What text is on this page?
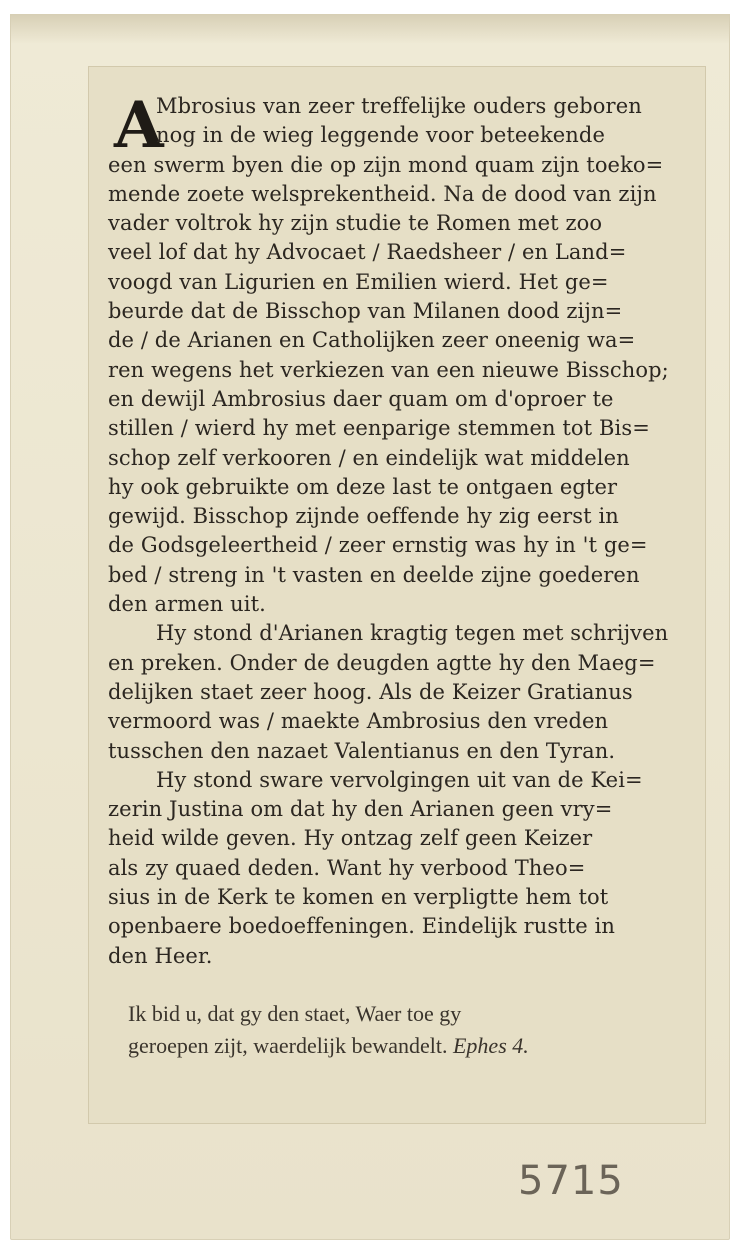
A
Mbrosius van zeer treffelijke ouders geboren
nog in de wieg leggende voor beteekende
een swerm byen die op zijn mond quam zijn toeko=
mende zoete welsprekentheid. Na de dood van zijn
vader voltrok hy zijn studie te Romen met zoo
veel lof dat hy Advocaet / Raedsheer / en Land=
voogd van Ligurien en Emilien wierd. Het ge=
beurde dat de Bisschop van Milanen dood zijn=
de / de Arianen en Catholijken zeer oneenig wa=
ren wegens het verkiezen van een nieuwe Bisschop;
en dewijl Ambrosius daer quam om d'oproer te
stillen / wierd hy met eenparige stemmen tot Bis=
schop zelf verkooren / en eindelijk wat middelen
hy ook gebruikte om deze last te ontgaen egter
gewijd. Bisschop zijnde oeffende hy zig eerst in
de Godsgeleertheid / zeer ernstig was hy in 't ge=
bed / streng in 't vasten en deelde zijne goederen
den armen uit.
Hy stond d'Arianen kragtig tegen met schrijven
en preken. Onder de deugden agtte hy den Maeg=
delijken staet zeer hoog. Als de Keizer Gratianus
vermoord was / maekte Ambrosius den vreden
tusschen den nazaet Valentianus en den Tyran.
Hy stond sware vervolgingen uit van de Kei=
zerin Justina om dat hy den Arianen geen vry=
heid wilde geven. Hy ontzag zelf geen Keizer
als zy quaed deden. Want hy verbood Theo=
sius in de Kerk te komen en verpligtte hem tot
openbaere boedoeffeningen. Eindelijk rustte in
den Heer.
Ik bid u, dat gy den staet, Waer toe gy
geroepen zijt, waerdelijk bewandelt. Ephes 4.
5715
